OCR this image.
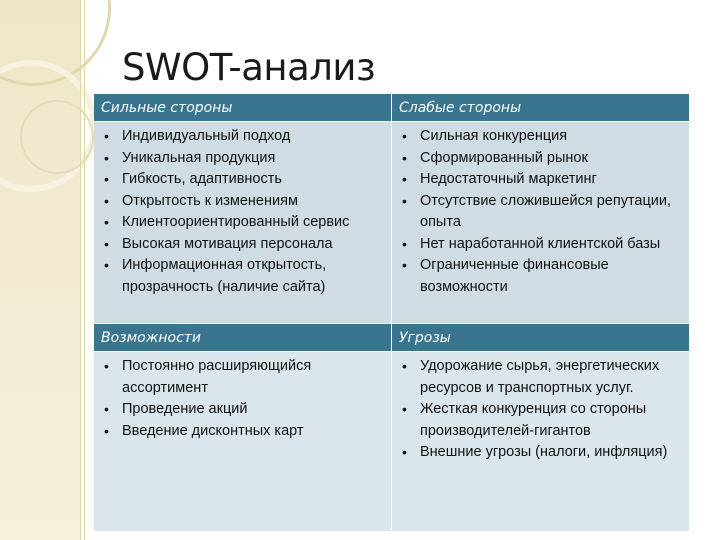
SWOT-анализ
Сильные стороны	Слабые стороны
• Индивидуальный подход
• Уникальная продукция
• Гибкость, адаптивность
• Открытость к изменениям
• Клиентоориентированный сервис
• Высокая мотивация персонала
• Информационная открытость, прозрачность (наличие сайта)
• Сильная конкуренция
• Сформированный рынок
• Недостаточный маркетинг
• Отсутствие сложившейся репутации, опыта
• Нет наработанной клиентской базы
• Ограниченные финансовые возможности
Возможности	Угрозы
• Постоянно расширяющийся ассортимент
• Проведение акций
• Введение дисконтных карт
• Удорожание сырья, энергетических ресурсов и транспортных услуг.
• Жесткая конкуренция со стороны производителей-гигантов
• Внешние угрозы (налоги, инфляция)
